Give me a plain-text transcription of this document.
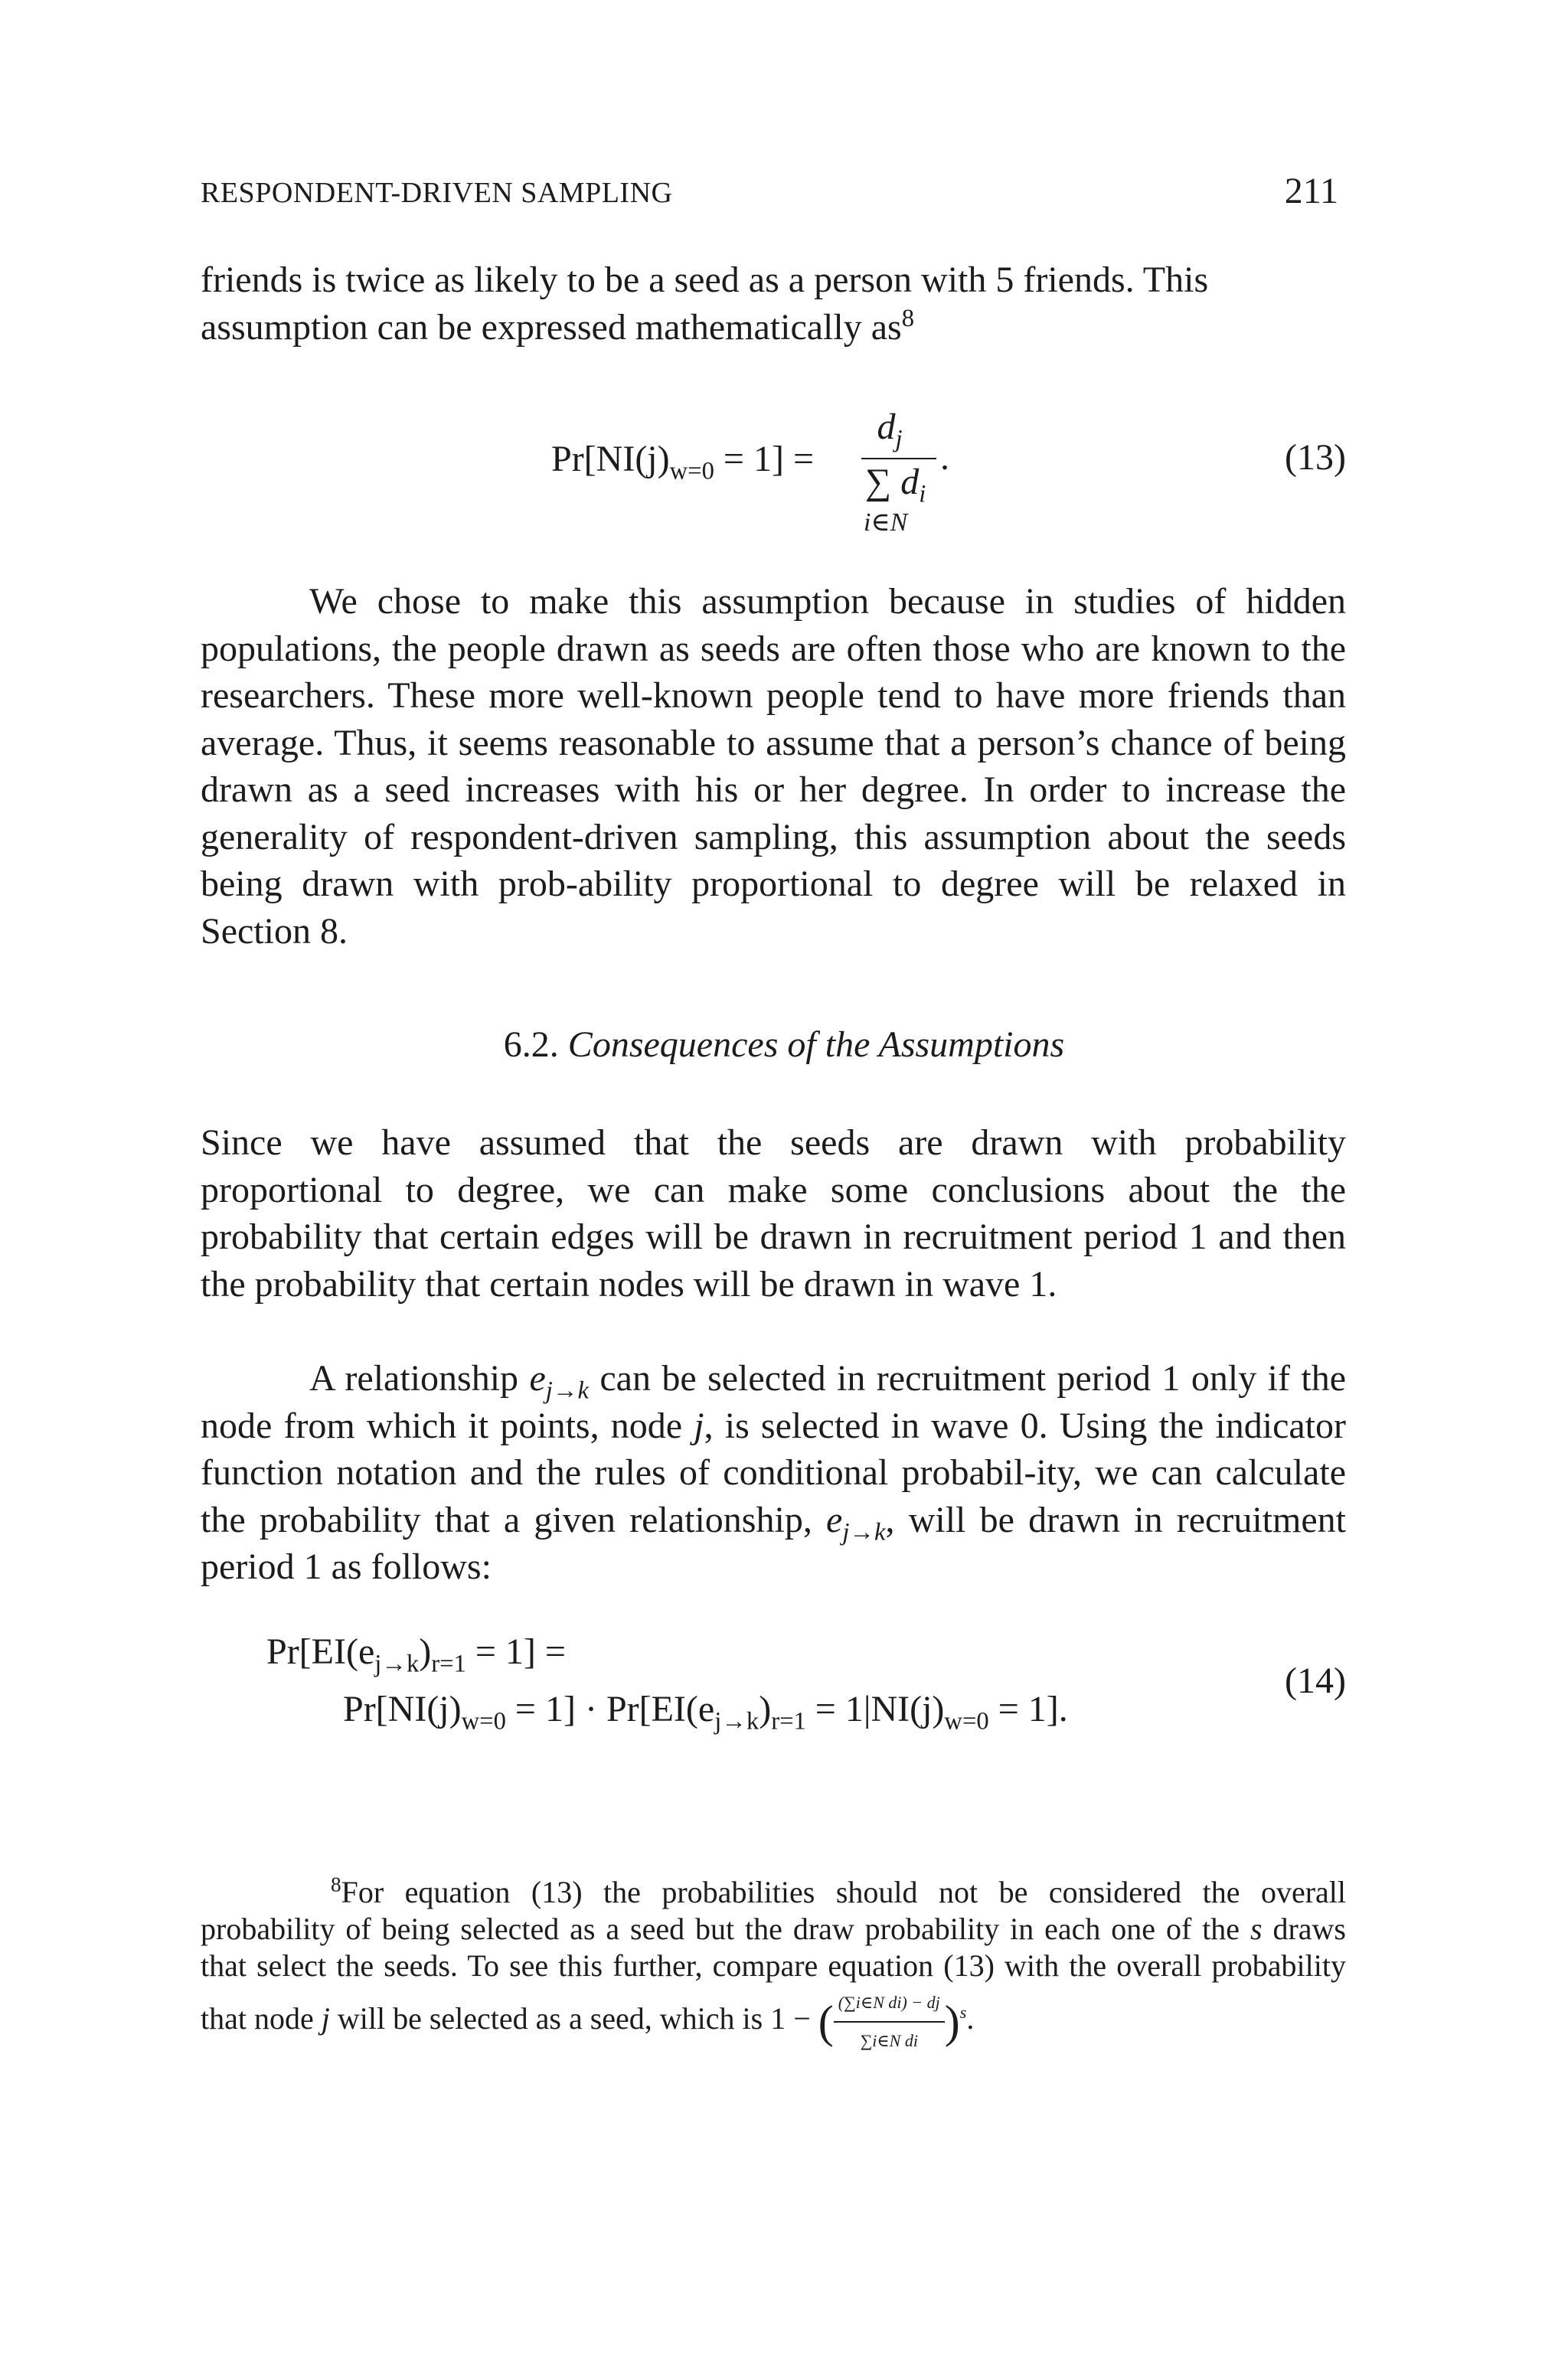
RESPONDENT-DRIVEN SAMPLING	211
friends is twice as likely to be a seed as a person with 5 friends. This
assumption can be expressed mathematically $as^8$
$Pr[NI(j)_{w=0} = 1]$ =
$d_j$
∑ $d_i$
i∈N
.	(13)

We chose to make this assumption because in studies of hidden populations, the people drawn as seeds are often those who are known to the researchers. These more well-known people tend to have more friends than average. Thus, it seems reasonable to assume that a person’s chance of being drawn as a seed increases with his or her degree. In order to increase the generality of respondent-driven sampling, this assumption about the seeds being drawn with prob-ability proportional to degree will be relaxed in Section 8.

6.2. Consequences of the Assumptions

Since we have assumed that the seeds are drawn with probability proportional to degree, we can make some conclusions about the the probability that certain edges will be drawn in recruitment period 1 and then the probability that certain nodes will be drawn in wave 1.

A relationship $e_{j\to k}$ can be selected in recruitment period 1 only if the node from which it points, node j, is selected in wave 0. Using the indicator function notation and the rules of conditional probabil-ity, we can calculate the probability that a given relationship, $e_{j\to k}$, will be drawn in recruitment period 1 as follows:

$Pr[EI(e_{j\to k})_{r=1} = 1]$ =
$Pr[NI(j)_{w=0} = 1] \cdot Pr[EI(e_{j\to k})_{r=1} = 1|NI(j)_{w=0} = 1]$.
(14)

$^8$For equation (13) the probabilities should not be considered the overall probability of being selected as a seed but the draw probability in each one of the s draws that select the seeds. To see this further, compare equation (13) with the overall probability that node j will be selected as a seed, which is 1 − ( $\frac{\text{(∑i∈N di) − dj}}{\text{∑i∈N di}} )^s$.
